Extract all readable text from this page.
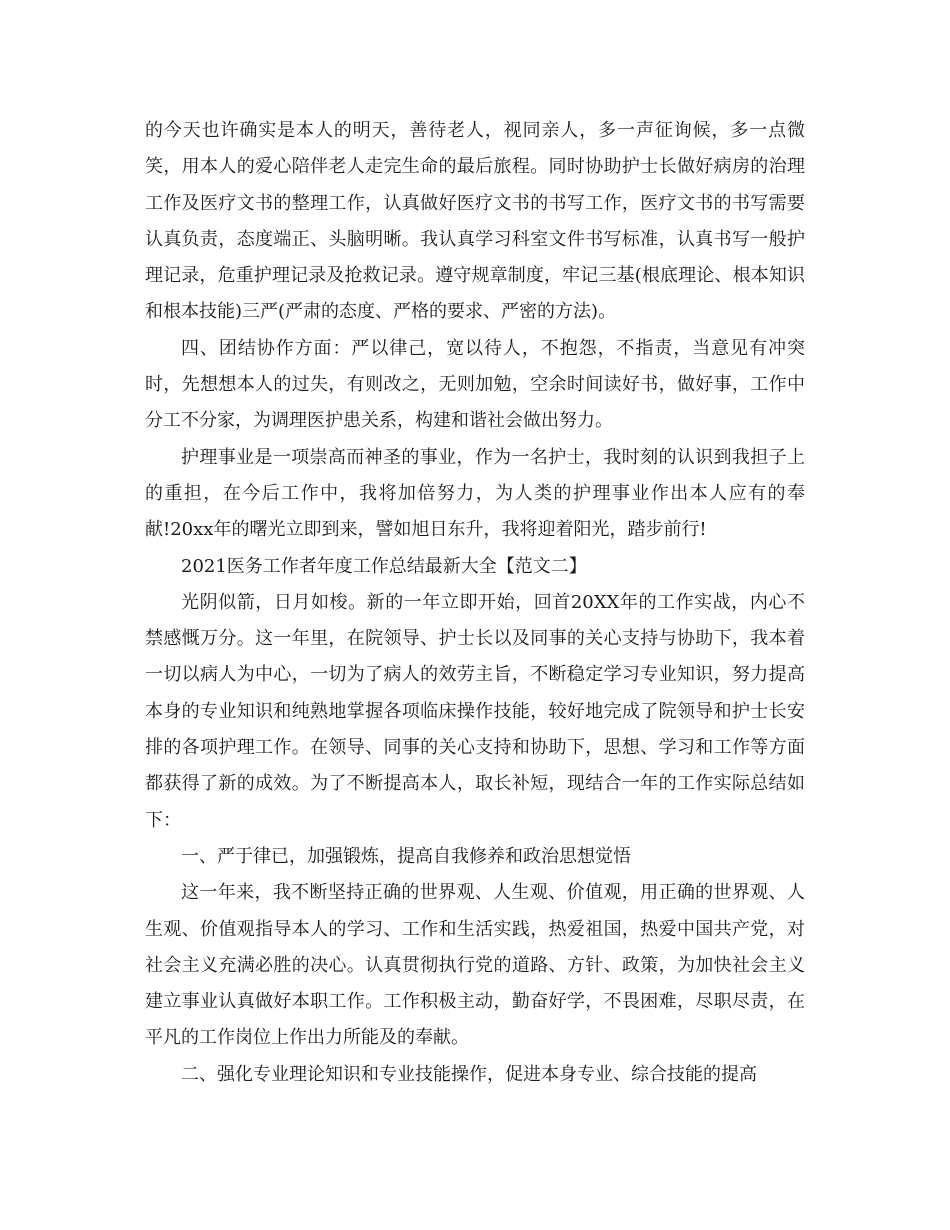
的今天也许确实是本人的明天，善待老人，视同亲人，多一声征询候，多一点微笑，用本人的爱心陪伴老人走完生命的最后旅程。同时协助护士长做好病房的治理工作及医疗文书的整理工作，认真做好医疗文书的书写工作，医疗文书的书写需要认真负责，态度端正、头脑明晰。我认真学习科室文件书写标准，认真书写一般护理记录，危重护理记录及抢救记录。遵守规章制度，牢记三基(根底理论、根本知识和根本技能)三严(严肃的态度、严格的要求、严密的方法)。

四、团结协作方面：严以律己，宽以待人，不抱怨，不指责，当意见有冲突时，先想想本人的过失，有则改之，无则加勉，空余时间读好书，做好事，工作中分工不分家，为调理医护患关系，构建和谐社会做出努力。

护理事业是一项崇高而神圣的事业，作为一名护士，我时刻的认识到我担子上的重担，在今后工作中，我将加倍努力，为人类的护理事业作出本人应有的奉献!20xx年的曙光立即到来，譬如旭日东升，我将迎着阳光，踏步前行!

2021医务工作者年度工作总结最新大全【范文二】

光阴似箭，日月如梭。新的一年立即开始，回首20XX年的工作实战，内心不禁感慨万分。这一年里，在院领导、护士长以及同事的关心支持与协助下，我本着一切以病人为中心，一切为了病人的效劳主旨，不断稳定学习专业知识，努力提高本身的专业知识和纯熟地掌握各项临床操作技能，较好地完成了院领导和护士长安排的各项护理工作。在领导、同事的关心支持和协助下，思想、学习和工作等方面都获得了新的成效。为了不断提高本人，取长补短，现结合一年的工作实际总结如下：

一、严于律已，加强锻炼，提高自我修养和政治思想觉悟

这一年来，我不断坚持正确的世界观、人生观、价值观，用正确的世界观、人生观、价值观指导本人的学习、工作和生活实践，热爱祖国，热爱中国共产党，对社会主义充满必胜的决心。认真贯彻执行党的道路、方针、政策，为加快社会主义建立事业认真做好本职工作。工作积极主动，勤奋好学，不畏困难，尽职尽责，在平凡的工作岗位上作出力所能及的奉献。

二、强化专业理论知识和专业技能操作，促进本身专业、综合技能的提高
